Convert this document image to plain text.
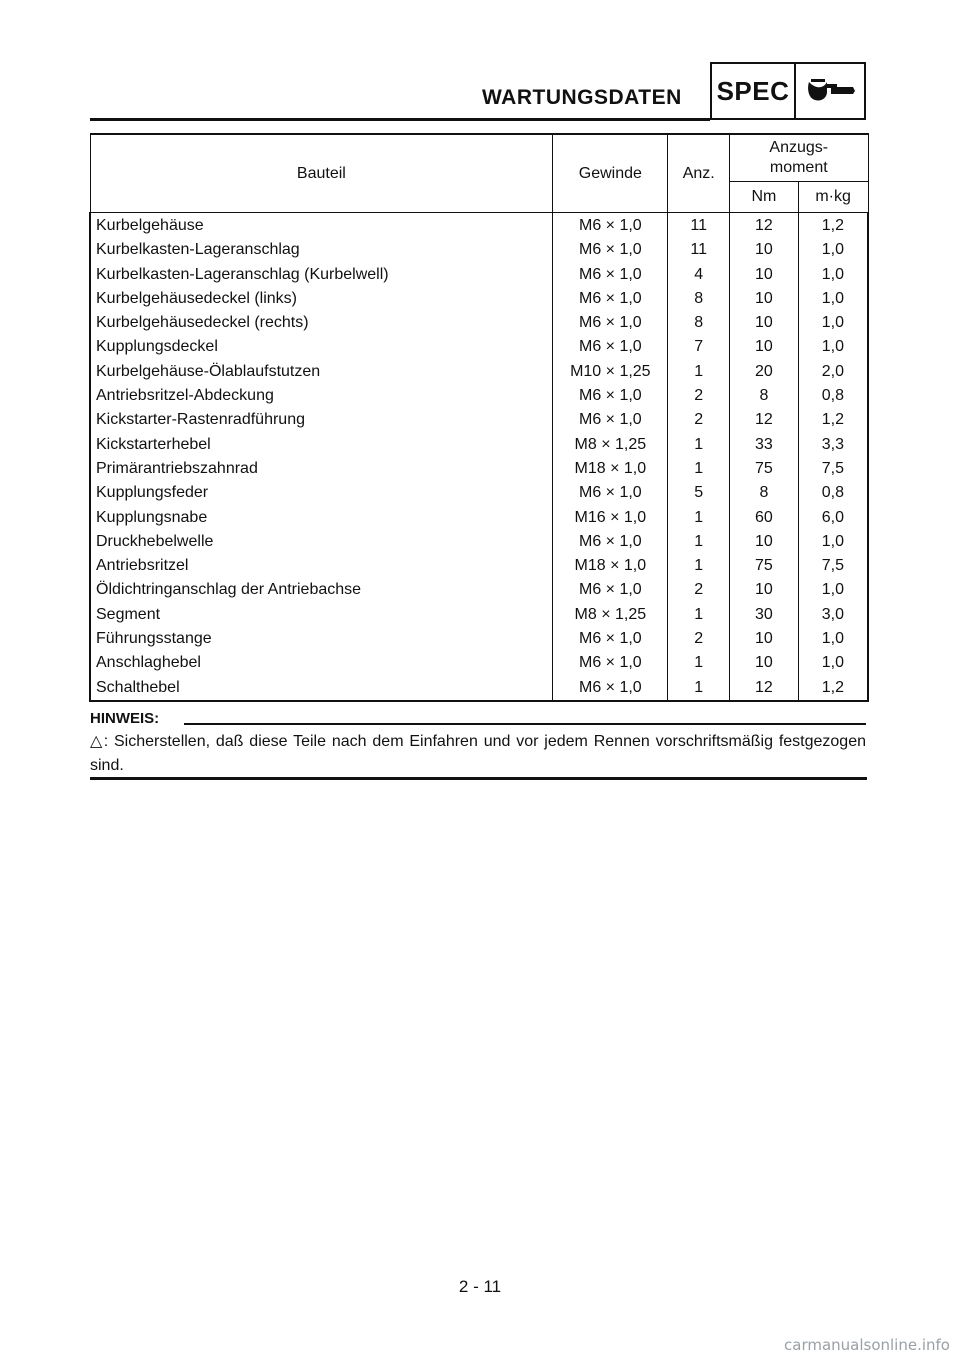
WARTUNGSDATEN SPEC
Bauteil	Gewinde	Anz.	Anzugs-
moment	
			Nm	m·kg
Kurbelgehäuse	M6 × 1,0	11	12	1,2
Kurbelkasten-Lageranschlag	M6 × 1,0	11	10	1,0
Kurbelkasten-Lageranschlag (Kurbelwell)	M6 × 1,0	4	10	1,0
Kurbelgehäusedeckel (links)	M6 × 1,0	8	10	1,0
Kurbelgehäusedeckel (rechts)	M6 × 1,0	8	10	1,0
Kupplungsdeckel	M6 × 1,0	7	10	1,0
Kurbelgehäuse-Ölablaufstutzen	M10 × 1,25	1	20	2,0
Antriebsritzel-Abdeckung	M6 × 1,0	2	8	0,8
Kickstarter-Rastenradführung	M6 × 1,0	2	12	1,2
Kickstarterhebel	M8 × 1,25	1	33	3,3
Primärantriebszahnrad	M18 × 1,0	1	75	7,5
Kupplungsfeder	M6 × 1,0	5	8	0,8
Kupplungsnabe	M16 × 1,0	1	60	6,0
Druckhebelwelle	M6 × 1,0	1	10	1,0
Antriebsritzel	M18 × 1,0	1	75	7,5
Öldichtringanschlag der Antriebachse	M6 × 1,0	2	10	1,0
Segment	M8 × 1,25	1	30	3,0
Führungsstange	M6 × 1,0	2	10	1,0
Anschlaghebel	M6 × 1,0	1	10	1,0
Schalthebel	M6 × 1,0	1	12	1,2
HINWEIS:
△: Sicherstellen, daß diese Teile nach dem Einfahren und vor jedem Rennen vorschriftsmäßig festgezogen sind.
2 - 11
carmanualsonline.info
